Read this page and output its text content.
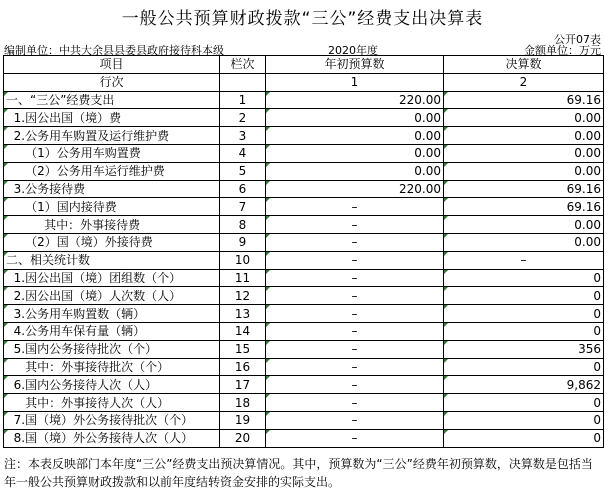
一般公共预算财政拨款“三公”经费支出决算表
公开07表
编制单位：中共大余县县委县政府接待科本级	2020年度	金额单位：万元
项目	栏次	年初预算数	决算数
行次		1	2
一、“三公”经费支出	1	220.00	69.16
1.因公出国（境）费	2	0.00	0.00
2.公务用车购置及运行维护费	3	0.00	0.00
（1）公务用车购置费	4	0.00	0.00
（2）公务用车运行维护费	5	0.00	0.00
3.公务接待费	6	220.00	69.16
（1）国内接待费	7	–	69.16
其中：外事接待费	8	–	0.00
（2）国（境）外接待费	9	–	0.00
二、相关统计数	10	–	–
1.因公出国（境）团组数（个）	11	–	0
2.因公出国（境）人次数（人）	12	–	0
3.公务用车购置数（辆）	13	–	0
4.公务用车保有量（辆）	14	–	0
5.国内公务接待批次（个）	15	–	356
其中：外事接待批次（个）	16	–	0
6.国内公务接待人次（人）	17	–	9,862
其中：外事接待人次（人）	18	–	0
7.国（境）外公务接待批次（个）	19	–	0
8.国（境）外公务接待人次（人）	20	–	0
注：本表反映部门本年度“三公”经费支出预决算情况。其中，预算数为“三公”经费年初预算数，决算数是包括当年一般公共预算财政拨款和以前年度结转资金安排的实际支出。
